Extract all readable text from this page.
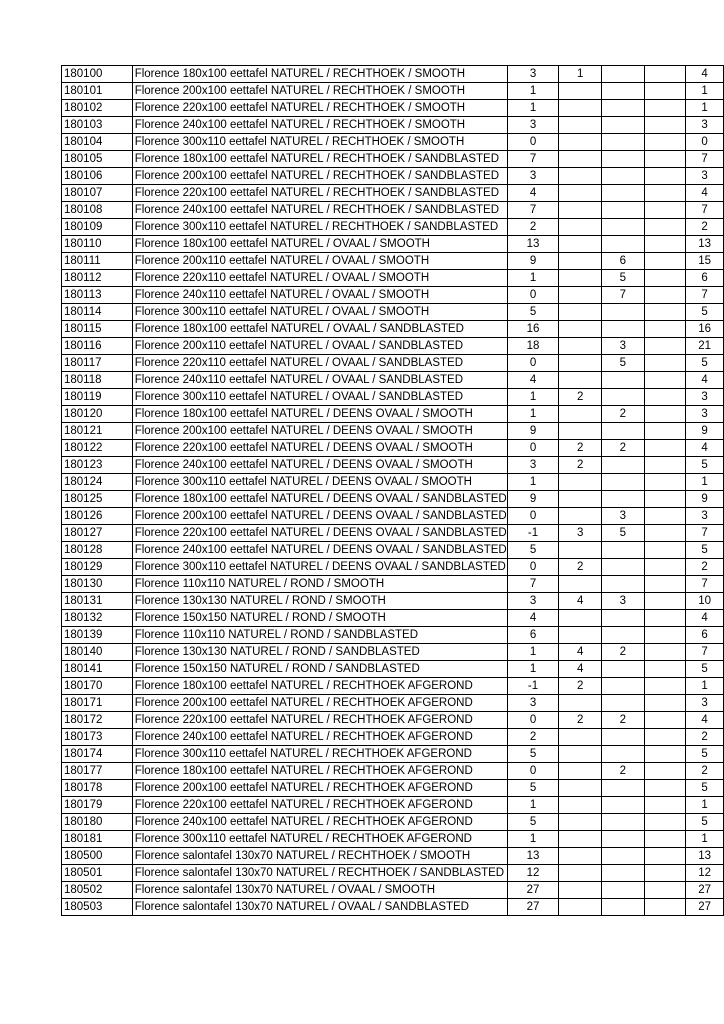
180100	Florence 180x100 eettafel NATUREL / RECHTHOEK / SMOOTH	3	1			4
180101	Florence 200x100 eettafel NATUREL / RECHTHOEK / SMOOTH	1				1
180102	Florence 220x100 eettafel NATUREL / RECHTHOEK / SMOOTH	1				1
180103	Florence 240x100 eettafel NATUREL / RECHTHOEK / SMOOTH	3				3
180104	Florence 300x110 eettafel NATUREL / RECHTHOEK / SMOOTH	0				0
180105	Florence 180x100 eettafel NATUREL / RECHTHOEK / SANDBLASTED	7				7
180106	Florence 200x100 eettafel NATUREL / RECHTHOEK / SANDBLASTED	3				3
180107	Florence 220x100 eettafel NATUREL / RECHTHOEK / SANDBLASTED	4				4
180108	Florence 240x100 eettafel NATUREL / RECHTHOEK / SANDBLASTED	7				7
180109	Florence 300x110 eettafel NATUREL / RECHTHOEK / SANDBLASTED	2				2
180110	Florence 180x100 eettafel NATUREL / OVAAL / SMOOTH	13				13
180111	Florence 200x110 eettafel NATUREL / OVAAL / SMOOTH	9		6		15
180112	Florence 220x110 eettafel NATUREL / OVAAL / SMOOTH	1		5		6
180113	Florence 240x110 eettafel NATUREL / OVAAL / SMOOTH	0		7		7
180114	Florence 300x110 eettafel NATUREL / OVAAL / SMOOTH	5				5
180115	Florence 180x100 eettafel NATUREL / OVAAL / SANDBLASTED	16				16
180116	Florence 200x110 eettafel NATUREL / OVAAL / SANDBLASTED	18		3		21
180117	Florence 220x110 eettafel NATUREL / OVAAL / SANDBLASTED	0		5		5
180118	Florence 240x110 eettafel NATUREL / OVAAL / SANDBLASTED	4				4
180119	Florence 300x110 eettafel NATUREL / OVAAL / SANDBLASTED	1	2			3
180120	Florence 180x100 eettafel NATUREL / DEENS OVAAL / SMOOTH	1		2		3
180121	Florence 200x100 eettafel NATUREL / DEENS OVAAL / SMOOTH	9				9
180122	Florence 220x100 eettafel NATUREL / DEENS OVAAL / SMOOTH	0	2	2		4
180123	Florence 240x100 eettafel NATUREL / DEENS OVAAL / SMOOTH	3	2			5
180124	Florence 300x110 eettafel NATUREL / DEENS OVAAL / SMOOTH	1				1
180125	Florence 180x100 eettafel NATUREL / DEENS OVAAL / SANDBLASTED	9				9
180126	Florence 200x100 eettafel NATUREL / DEENS OVAAL / SANDBLASTED	0		3		3
180127	Florence 220x100 eettafel NATUREL / DEENS OVAAL / SANDBLASTED	-1	3	5		7
180128	Florence 240x100 eettafel NATUREL / DEENS OVAAL / SANDBLASTED	5				5
180129	Florence 300x110 eettafel NATUREL / DEENS OVAAL / SANDBLASTED	0	2			2
180130	Florence 110x110 NATUREL / ROND / SMOOTH	7				7
180131	Florence 130x130 NATUREL / ROND / SMOOTH	3	4	3		10
180132	Florence 150x150 NATUREL / ROND / SMOOTH	4				4
180139	Florence 110x110 NATUREL / ROND / SANDBLASTED	6				6
180140	Florence 130x130 NATUREL / ROND / SANDBLASTED	1	4	2		7
180141	Florence 150x150 NATUREL / ROND / SANDBLASTED	1	4			5
180170	Florence 180x100 eettafel NATUREL / RECHTHOEK AFGEROND	-1	2			1
180171	Florence 200x100 eettafel NATUREL / RECHTHOEK AFGEROND	3				3
180172	Florence 220x100 eettafel NATUREL / RECHTHOEK AFGEROND	0	2	2		4
180173	Florence 240x100 eettafel NATUREL / RECHTHOEK AFGEROND	2				2
180174	Florence 300x110 eettafel NATUREL / RECHTHOEK AFGEROND	5				5
180177	Florence 180x100 eettafel NATUREL / RECHTHOEK AFGEROND	0		2		2
180178	Florence 200x100 eettafel NATUREL / RECHTHOEK AFGEROND	5				5
180179	Florence 220x100 eettafel NATUREL / RECHTHOEK AFGEROND	1				1
180180	Florence 240x100 eettafel NATUREL / RECHTHOEK AFGEROND	5				5
180181	Florence 300x110 eettafel NATUREL / RECHTHOEK AFGEROND	1				1
180500	Florence salontafel 130x70 NATUREL / RECHTHOEK / SMOOTH	13				13
180501	Florence salontafel 130x70 NATUREL / RECHTHOEK / SANDBLASTED	12				12
180502	Florence salontafel 130x70 NATUREL / OVAAL / SMOOTH	27				27
180503	Florence salontafel 130x70 NATUREL / OVAAL / SANDBLASTED	27				27
